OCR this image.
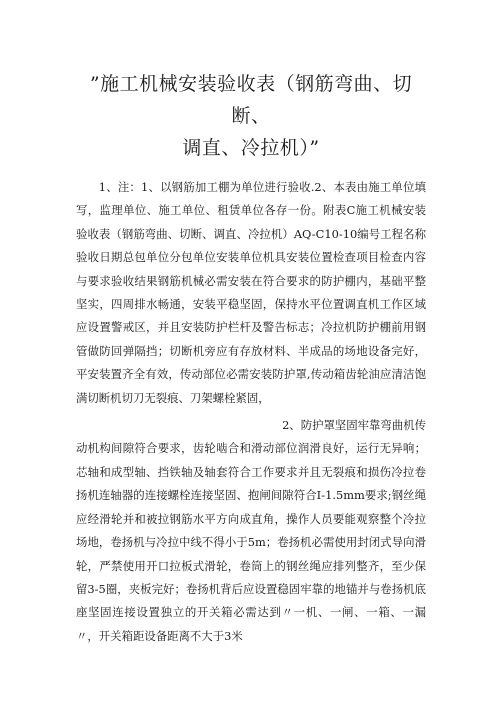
”施工机械安装验收表（钢筋弯曲、切断、
调直、冷拉机）”

1、注：1、以钢筋加工棚为单位进行验收.2、本表由施工单位填写，监理单位、施工单位、租赁单位各存一份。附表C施工机械安装验收表（钢筋弯曲、切断、调直、冷拉机）AQ-C10-10编号工程名称验收日期总包单位分包单位安装单位机具安装位置检查项目检查内容与要求验收结果钢筋机械必需安装在符合要求的防护棚内，基础平整坚实，四周排水畅通，安装平稳坚固，保持水平位置调直机工作区域应设置警戒区，并且安装防护栏杆及警告标志；冷拉机防护棚前用钢管做防回弹隔挡；切断机旁应有存放材料、半成品的场地设备完好，平安装置齐全有效，传动部位必需安装防护罩,传动箱齿轮油应清洁饱满切断机切刀无裂痕、刀架螺栓紧固，

2、防护罩坚固牢靠弯曲机传

动机构间隙符合要求，齿轮啮合和滑动部位润滑良好，运行无异响；芯轴和成型轴、挡铁轴及轴套符合工作要求并且无裂痕和损伤冷拉卷扬机连轴器的连接螺栓连接坚固、抱闸间隙符合Ⅰ-1.5mm要求;钢丝绳应经滑轮并和被拉钢筋水平方向成直角，操作人员要能观察整个冷拉场地，卷扬机与冷拉中线不得小于5m；卷扬机必需使用封闭式导向滑轮，严禁使用开口拉板式滑轮，卷筒上的钢丝绳应排列整齐，至少保留3-5圈，夹板完好；卷扬机背后应设置稳固牢靠的地锚并与卷扬机底座坚固连接设置独立的开关箱必需达到〃一机、一闸、一箱、一漏〃，开关箱距设备距离不大于3米
